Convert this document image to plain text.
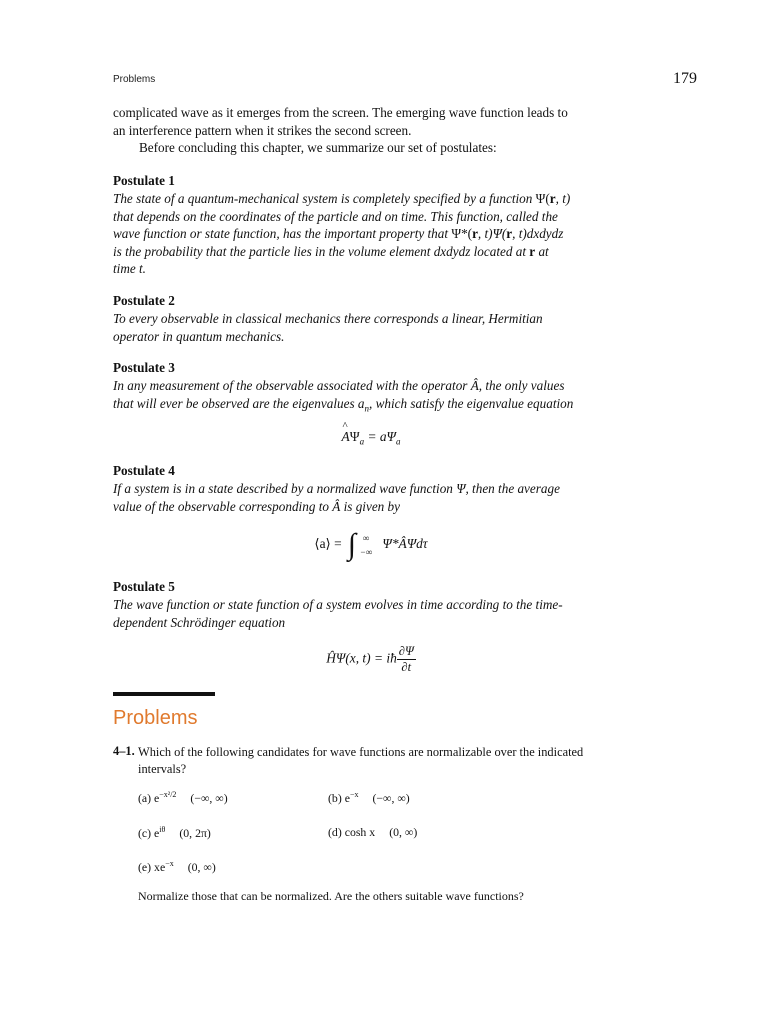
Problems	179
complicated wave as it emerges from the screen. The emerging wave function leads to
an interference pattern when it strikes the second screen.
Before concluding this chapter, we summarize our set of postulates:
Postulate 1
The state of a quantum-mechanical system is completely specified by a function Ψ(r, t)
that depends on the coordinates of the particle and on time. This function, called the
wave function or state function, has the important property that Ψ*(r, t)Ψ(r, t)dxdydz
is the probability that the particle lies in the volume element dxdydz located at r at
time t.
Postulate 2
To every observable in classical mechanics there corresponds a linear, Hermitian
operator in quantum mechanics.
Postulate 3
In any measurement of the observable associated with the operator Â, the only values
that will ever be observed are the eigenvalues $a_n$, which satisfy the eigenvalue equation
A $\^{}\Psi_a = a\Psi_a$
Postulate 4
If a system is in a state described by a normalized wave function Ψ, then the average
value of the observable corresponding to Â is given by
⟨a⟩ = ∫ ∞
−∞
Ψ*ÂΨdτ
Postulate 5
The wave function or state function of a system evolves in time according to the time-
dependent Schrödinger equation
ĤΨ(x, t) = iħ $\frac{\partial\Psi}{\partial t}$
Problems
4–1. Which of the following candidates for wave functions are normalizable over the indicated
intervals?
(a) $e^{-x^2/2}$ (−∞, ∞)	(b) $e^{-x}$ (−∞, ∞)
(c) $e^{i\theta}$ (0, 2π)	(d) cosh x (0, ∞)
(e) $xe^{-x}$ (0, ∞)
Normalize those that can be normalized. Are the others suitable wave functions?
